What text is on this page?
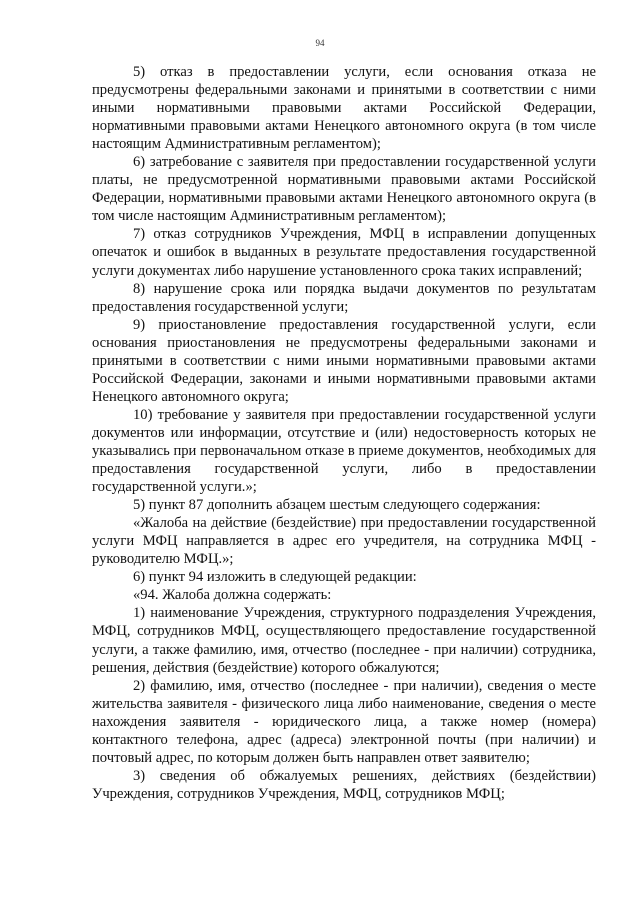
94

5) отказ в предоставлении услуги, если основания отказа не предусмотрены федеральными законами и принятыми в соответствии с ними иными нормативными правовыми актами Российской Федерации, нормативными правовыми актами Ненецкого автономного округа (в том числе настоящим Административным регламентом);

6) затребование с заявителя при предоставлении государственной услуги платы, не предусмотренной нормативными правовыми актами Российской Федерации, нормативными правовыми актами Ненецкого автономного округа (в том числе настоящим Административным регламентом);

7) отказ сотрудников Учреждения, МФЦ в исправлении допущенных опечаток и ошибок в выданных в результате предоставления государственной услуги документах либо нарушение установленного срока таких исправлений;

8) нарушение срока или порядка выдачи документов по результатам предоставления государственной услуги;

9) приостановление предоставления государственной услуги, если основания приостановления не предусмотрены федеральными законами и принятыми в соответствии с ними иными нормативными правовыми актами Российской Федерации, законами и иными нормативными правовыми актами Ненецкого автономного округа;

10) требование у заявителя при предоставлении государственной услуги документов или информации, отсутствие и (или) недостоверность которых не указывались при первоначальном отказе в приеме документов, необходимых для предоставления государственной услуги, либо в предоставлении государственной услуги.»;

5) пункт 87 дополнить абзацем шестым следующего содержания:

«Жалоба на действие (бездействие) при предоставлении государственной услуги МФЦ направляется в адрес его учредителя, на сотрудника МФЦ - руководителю МФЦ.»;

6) пункт 94 изложить в следующей редакции:

«94. Жалоба должна содержать:

1) наименование Учреждения, структурного подразделения Учреждения, МФЦ, сотрудников МФЦ, осуществляющего предоставление государственной услуги, а также фамилию, имя, отчество (последнее - при наличии) сотрудника, решения, действия (бездействие) которого обжалуются;

2) фамилию, имя, отчество (последнее - при наличии), сведения о месте жительства заявителя - физического лица либо наименование, сведения о месте нахождения заявителя - юридического лица, а также номер (номера) контактного телефона, адрес (адреса) электронной почты (при наличии) и почтовый адрес, по которым должен быть направлен ответ заявителю;

3) сведения об обжалуемых решениях, действиях (бездействии) Учреждения, сотрудников Учреждения, МФЦ, сотрудников МФЦ;
